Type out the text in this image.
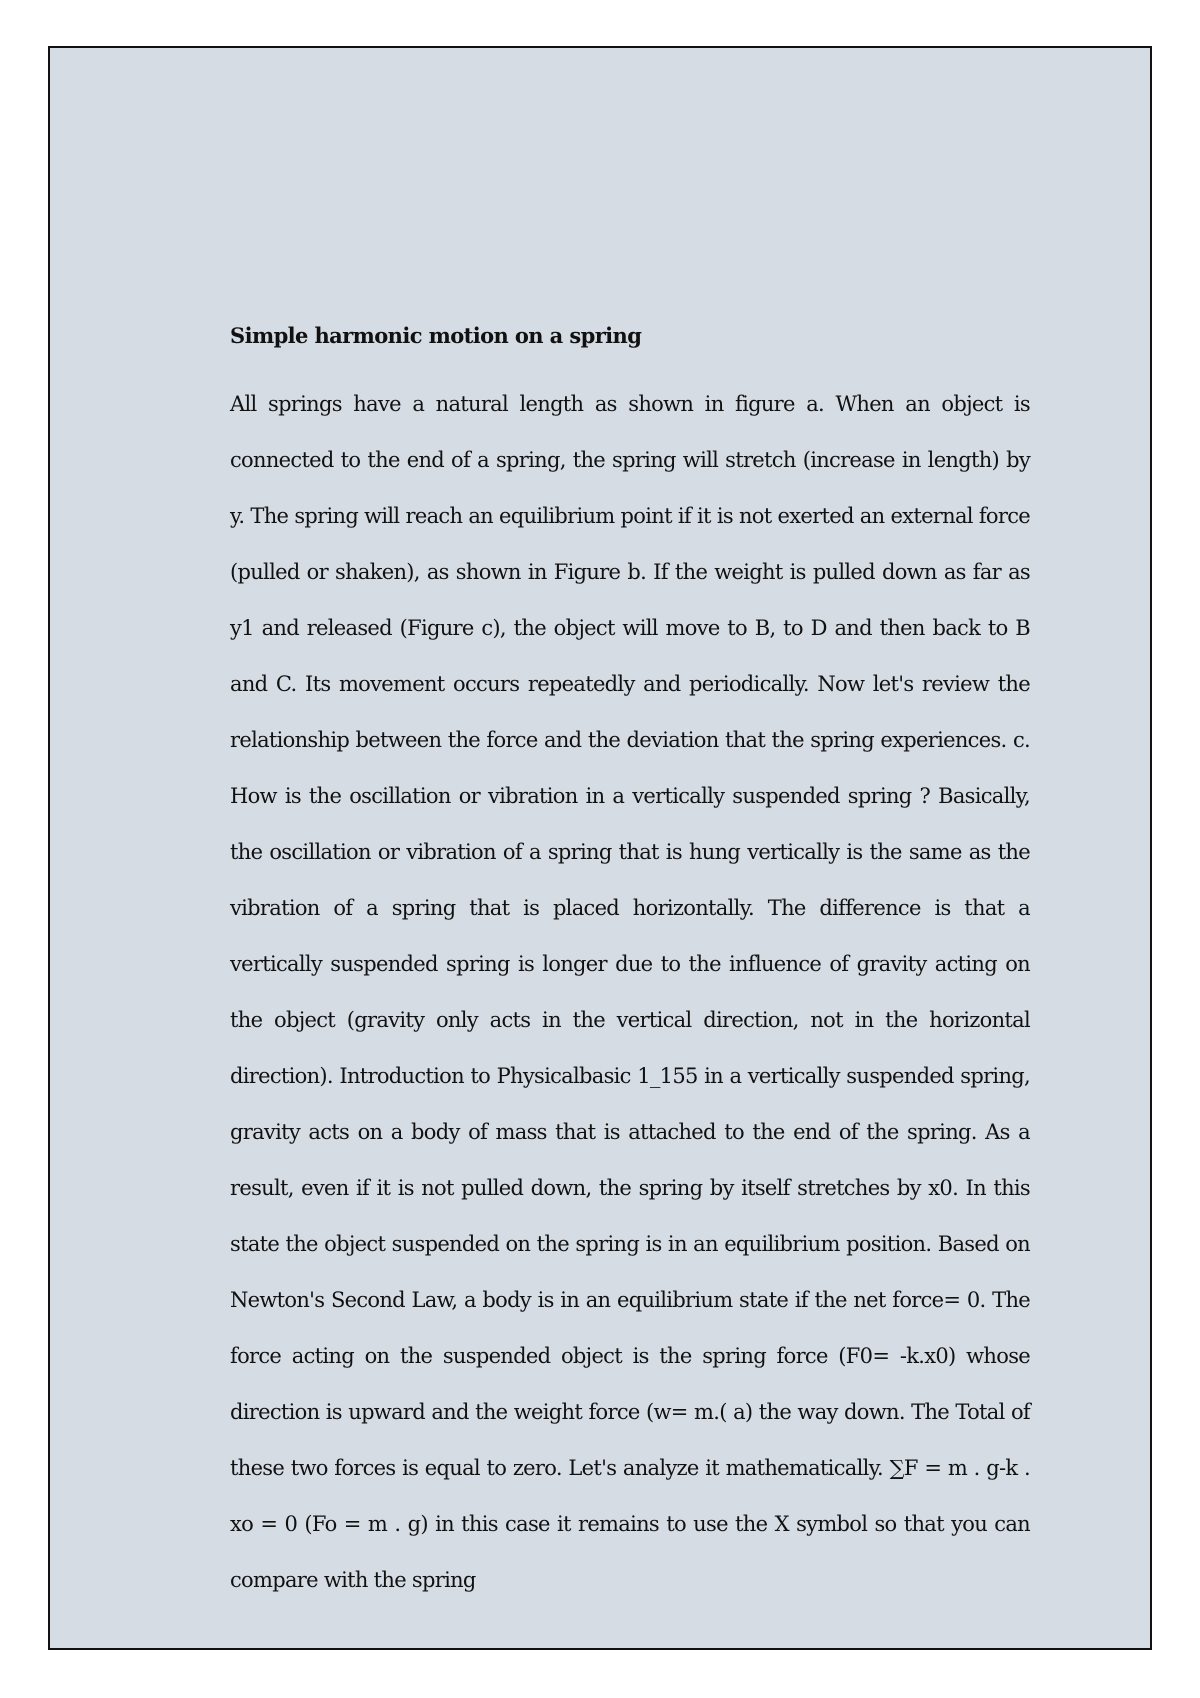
Simple harmonic motion on a spring

All springs have a natural length as shown in figure a. When an object is connected to the end of a spring, the spring will stretch (increase in length) by y. The spring will reach an equilibrium point if it is not exerted an external force (pulled or shaken), as shown in Figure b. If the weight is pulled down as far as y1 and released (Figure c), the object will move to B, to D and then back to B and C. Its movement occurs repeatedly and periodically. Now let's review the relationship between the force and the deviation that the spring experiences. c. How is the oscillation or vibration in a vertically suspended spring ? Basically, the oscillation or vibration of a spring that is hung vertically is the same as the vibration of a spring that is placed horizontally. The difference is that a vertically suspended spring is longer due to the influence of gravity acting on the object (gravity only acts in the vertical direction, not in the horizontal direction). Introduction to Physicalbasic 1_155 in a vertically suspended spring, gravity acts on a body of mass that is attached to the end of the spring. As a result, even if it is not pulled down, the spring by itself stretches by x0. In this state the object suspended on the spring is in an equilibrium position. Based on Newton's Second Law, a body is in an equilibrium state if the net force= 0. The force acting on the suspended object is the spring force (F0= -k.x0) whose direction is upward and the weight force (w= m.( a) the way down. The Total of these two forces is equal to zero. Let's analyze it mathematically. ∑F = m . g-k . xo = 0 (Fo = m . g) in this case it remains to use the X symbol so that you can compare with the spring
